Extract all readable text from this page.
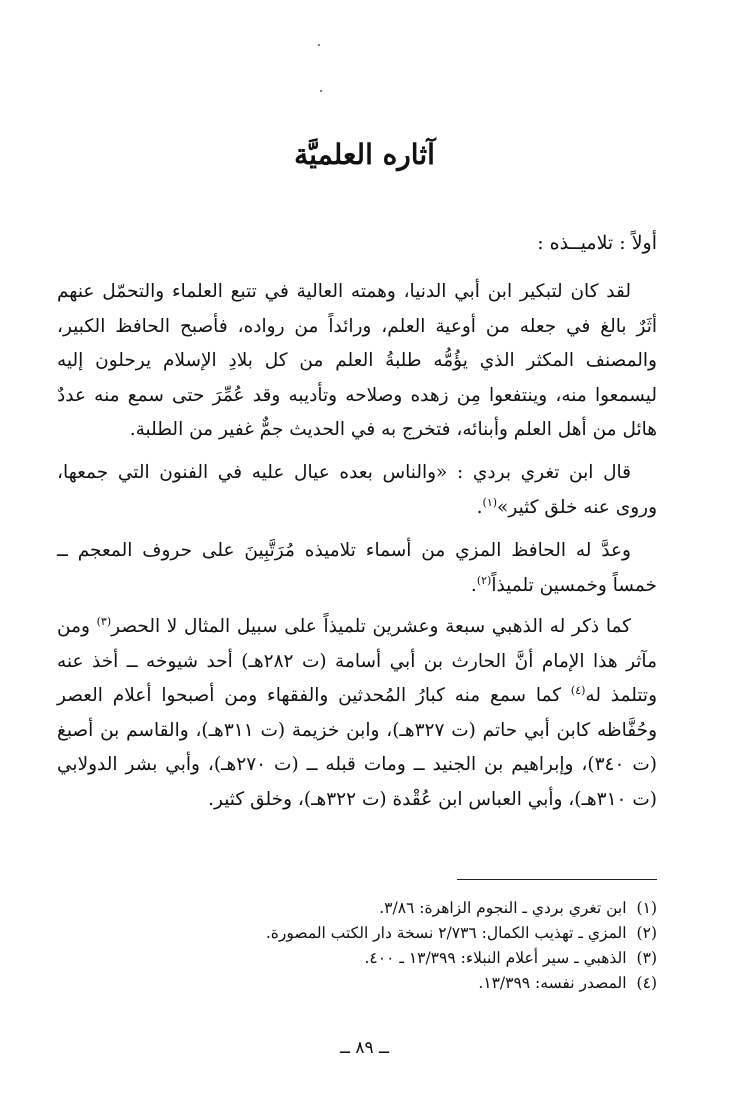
آثاره العلميَّة
أولاً : تلاميــذه :
لقد كان لتبكير ابن أبي الدنيا، وهمته العالية في تتبع العلماء والتحمّل عنهم أثَرٌ بالغ في جعله من أوعية العلم، ورائداً من رواده، فأصبح الحافظ الكبير، والمصنف المكثر الذي يؤُمُّه طلبةُ العلم من كل بلادِ الإسلام يرحلون إليه ليسمعوا منه، وينتفعوا مِن زهده وصلاحه وتأديبه وقد عُمِّرَ حتى سمع منه عددٌ هائل من أهل العلم وأبنائه، فتخرج به في الحديث جمٌّ غفير من الطلبة.
قال ابن تغري بردي : «والناس بعده عيال عليه في الفنون التي جمعها، وروى عنه خلق كثير»$^{(١)}$.
وعدَّ له الحافظ المزي من أسماء تلاميذه مُرَتَّبِينَ على حروف المعجم ــ خمساً وخمسين تلميذاً$^{(٢)}$.
كما ذكر له الذهبي سبعة وعشرين تلميذاً على سبيل المثال لا الحصر$^{(٣)}$ ومن مآثر هذا الإمام أنَّ الحارث بن أبي أسامة (ت ٢٨٢هـ) أحد شيوخه ــ أخذ عنه وتتلمذ له$^{(٤)}$ كما سمع منه كبارُ المُحدثين والفقهاء ومن أصبحوا أعلام العصر وحُفَّاظه كابن أبي حاتم (ت ٣٢٧هـ)، وابن خزيمة (ت ٣١١هـ)، والقاسم بن أصبغ (ت ٣٤٠)، وإبراهيم بن الجنيد ــ ومات قبله ــ (ت ٢٧٠هـ)، وأبي بشر الدولابي (ت ٣١٠هـ)، وأبي العباس ابن عُقْدة (ت ٣٢٢هـ)، وخلق كثير.
(١)ابن تغري بردي ـ النجوم الزاهرة: ٣/٨٦.
(٢)المزي ـ تهذيب الكمال: ٢/٧٣٦ نسخة دار الكتب المصورة.
(٣)الذهبي ـ سير أعلام النبلاء: ١٣/٣٩٩ ـ ٤٠٠.
(٤)المصدر نفسه: ١٣/٣٩٩.
ــ ٨٩ ــ
